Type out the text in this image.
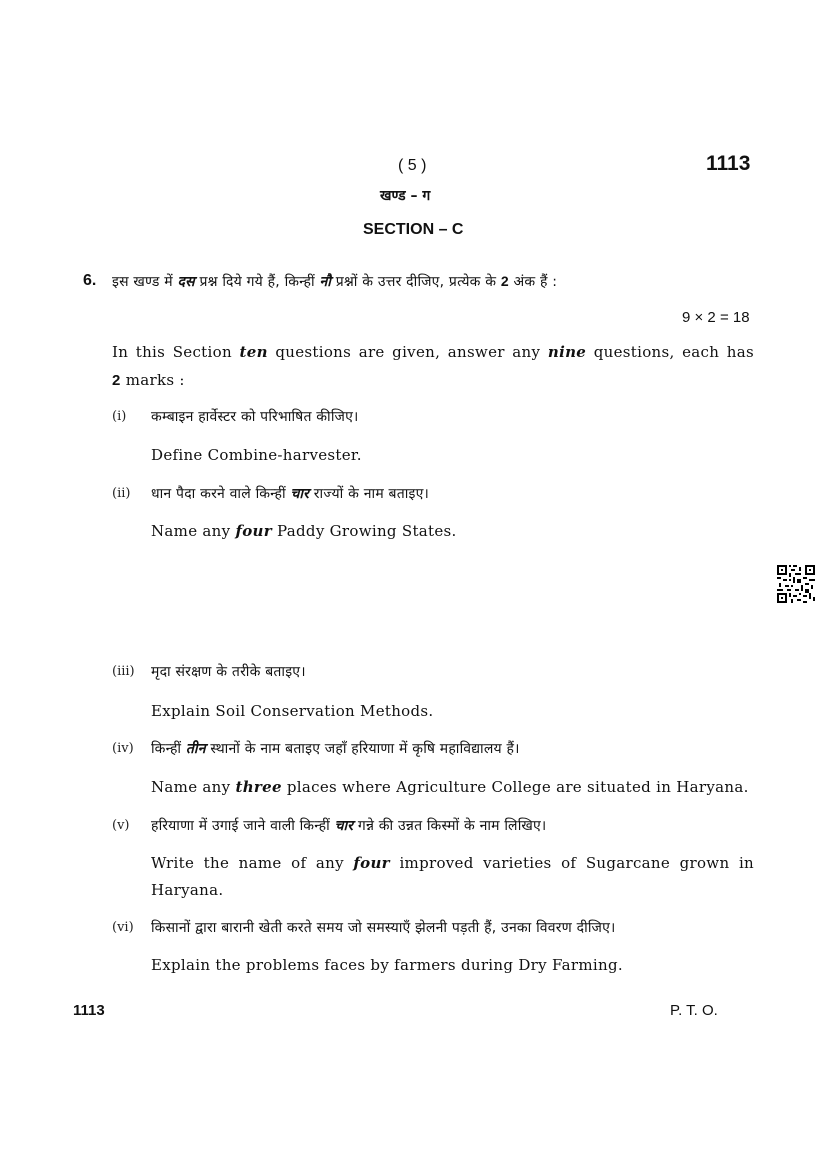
( 5 )	1113
खण्ड – ग
SECTION – C
6. इस खण्ड में दस प्रश्न दिये गये हैं, किन्हीं नौ प्रश्नों के उत्तर दीजिए, प्रत्येक के 2 अंक हैं :
9 × 2 = 18
In this Section ten questions are given, answer any nine questions, each has
2 marks :
(i) कम्बाइन हार्वेस्टर को परिभाषित कीजिए।
Define Combine-harvester.
(ii) धान पैदा करने वाले किन्हीं चार राज्यों के नाम बताइए।
Name any four Paddy Growing States.
(iii) मृदा संरक्षण के तरीके बताइए।
Explain Soil Conservation Methods.
(iv) किन्हीं तीन स्थानों के नाम बताइए जहाँ हरियाणा में कृषि महाविद्यालय हैं।
Name any three places where Agriculture College are situated in Haryana.
(v) हरियाणा में उगाई जाने वाली किन्हीं चार गन्ने की उन्नत किस्मों के नाम लिखिए।
Write the name of any four improved varieties of Sugarcane grown in
Haryana.
(vi) किसानों द्वारा बारानी खेती करते समय जो समस्याएँ झेलनी पड़ती हैं, उनका विवरण दीजिए।
Explain the problems faces by farmers during Dry Farming.
1113	P. T. O.
